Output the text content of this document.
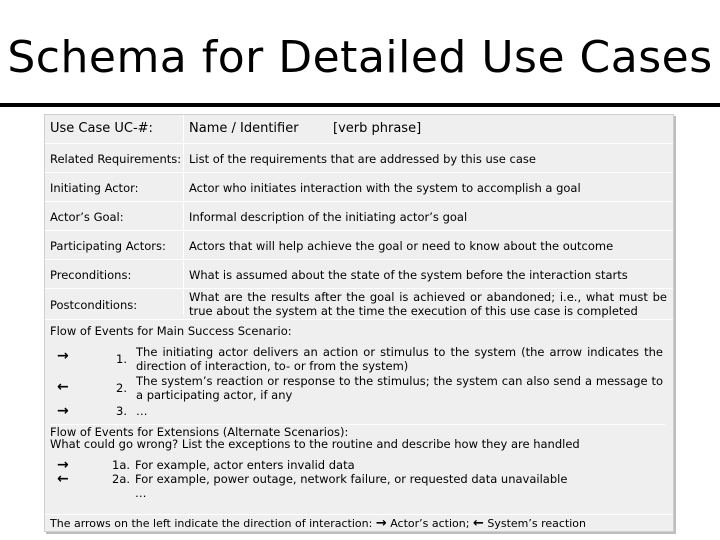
Schema for Detailed Use Cases
Use Case UC-#:	Name / Identifier	[verb phrase]
Related Requirements: List of the requirements that are addressed by this use case
Initiating Actor:	Actor who initiates interaction with the system to accomplish a goal
Actor’s Goal:	Informal description of the initiating actor’s goal
Participating Actors: Actors that will help achieve the goal or need to know about the outcome
Preconditions:	What is assumed about the state of the system before the interaction starts
Postconditions:
What are the results after the goal is achieved or abandoned; i.e., what must be true about the system at the time the execution of this use case is completed
Flow of Events for Main Success Scenario:
→	1. The initiating actor delivers an action or stimulus to the system (the arrow indicates the direction of interaction, to- or from the system)
←	2. The system’s reaction or response to the stimulus; the system can also send a message to a participating actor, if any
→	3. …
Flow of Events for Extensions (Alternate Scenarios):
What could go wrong? List the exceptions to the routine and describe how they are handled
→	1a. For example, actor enters invalid data
←	2a. For example, power outage, network failure, or requested data unavailable
…
The arrows on the left indicate the direction of interaction: → Actor’s action; ← System’s reaction
